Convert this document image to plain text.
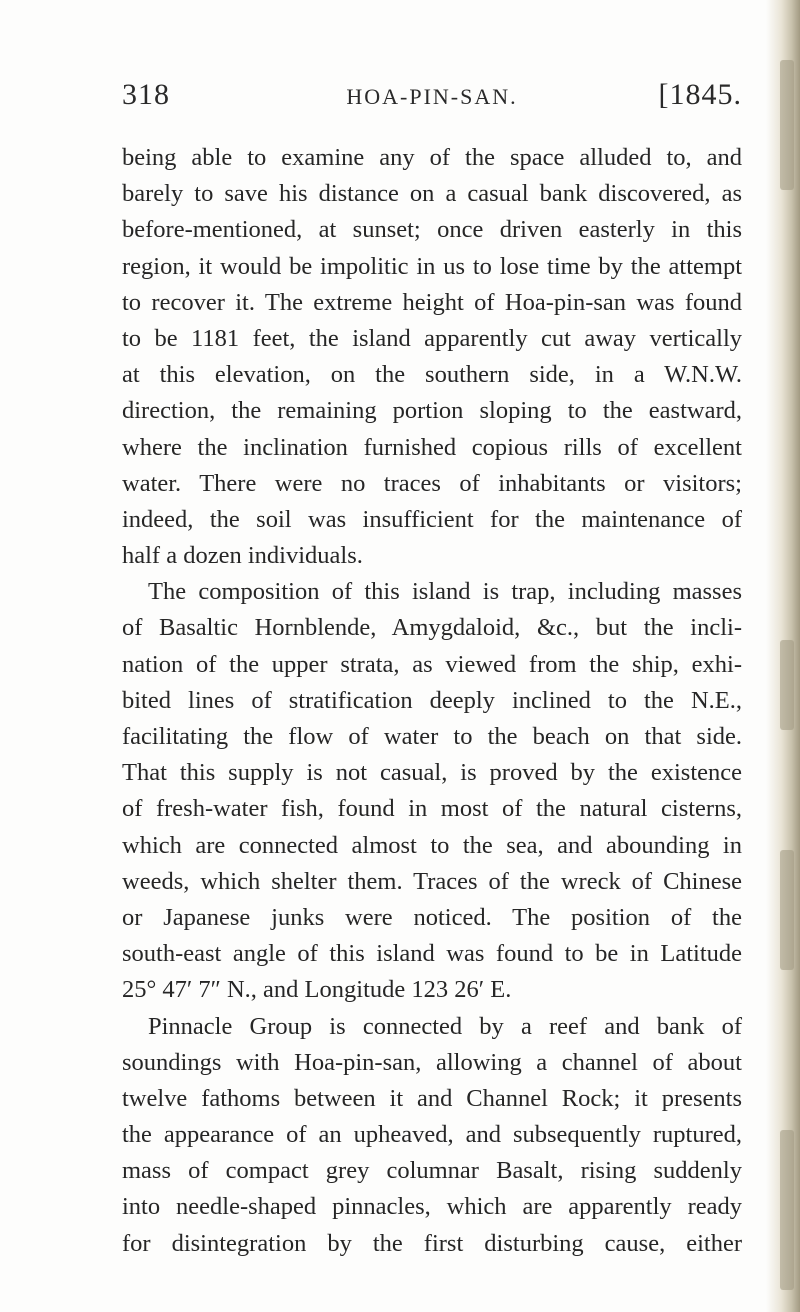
318	HOA-PIN-SAN.	[1845.
being able to examine any of the space alluded to, and
barely to save his distance on a casual bank discovered, as
before-mentioned, at sunset; once driven easterly in this
region, it would be impolitic in us to lose time by the attempt
to recover it. The extreme height of Hoa-pin-san was found
to be 1181 feet, the island apparently cut away vertically
at this elevation, on the southern side, in a W.N.W.
direction, the remaining portion sloping to the eastward,
where the inclination furnished copious rills of excellent
water. There were no traces of inhabitants or visitors;
indeed, the soil was insufficient for the maintenance of
half a dozen individuals.
The composition of this island is trap, including masses
of Basaltic Hornblende, Amygdaloid, &c., but the incli-
nation of the upper strata, as viewed from the ship, exhi-
bited lines of stratification deeply inclined to the N.E.,
facilitating the flow of water to the beach on that side.
That this supply is not casual, is proved by the existence
of fresh-water fish, found in most of the natural cisterns,
which are connected almost to the sea, and abounding in
weeds, which shelter them. Traces of the wreck of Chinese
or Japanese junks were noticed. The position of the
south-east angle of this island was found to be in Latitude
25° 47′ 7″ N., and Longitude 123 26′ E.
Pinnacle Group is connected by a reef and bank of
soundings with Hoa-pin-san, allowing a channel of about
twelve fathoms between it and Channel Rock; it presents
the appearance of an upheaved, and subsequently ruptured,
mass of compact grey columnar Basalt, rising suddenly
into needle-shaped pinnacles, which are apparently ready
for disintegration by the first disturbing cause, either
